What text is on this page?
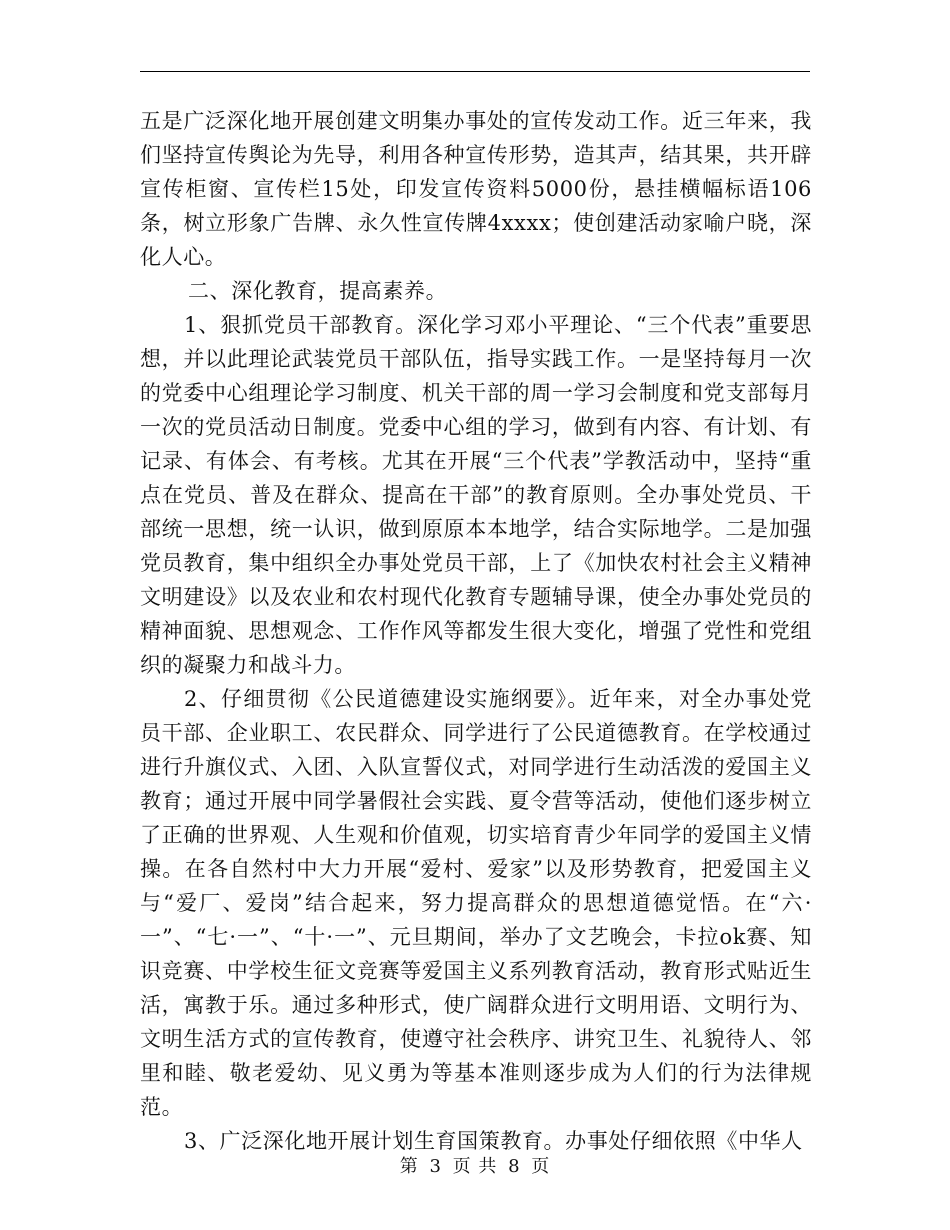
五是广泛深化地开展创建文明集办事处的宣传发动工作。近三年来，我们坚持宣传舆论为先导，利用各种宣传形势，造其声，结其果，共开辟宣传柜窗、宣传栏15处，印发宣传资料5000份，悬挂横幅标语106条，树立形象广告牌、永久性宣传牌4xxxx；使创建活动家喻户晓，深化人心。

二、深化教育，提高素养。

1、狠抓党员干部教育。深化学习邓小平理论、“三个代表”重要思想，并以此理论武装党员干部队伍，指导实践工作。一是坚持每月一次的党委中心组理论学习制度、机关干部的周一学习会制度和党支部每月一次的党员活动日制度。党委中心组的学习，做到有内容、有计划、有记录、有体会、有考核。尤其在开展“三个代表”学教活动中，坚持“重点在党员、普及在群众、提高在干部”的教育原则。全办事处党员、干部统一思想，统一认识，做到原原本本地学，结合实际地学。二是加强党员教育，集中组织全办事处党员干部，上了《加快农村社会主义精神文明建设》以及农业和农村现代化教育专题辅导课，使全办事处党员的精神面貌、思想观念、工作作风等都发生很大变化，增强了党性和党组织的凝聚力和战斗力。

2、仔细贯彻《公民道德建设实施纲要》。近年来，对全办事处党员干部、企业职工、农民群众、同学进行了公民道德教育。在学校通过进行升旗仪式、入团、入队宣誓仪式，对同学进行生动活泼的爱国主义教育；通过开展中同学暑假社会实践、夏令营等活动，使他们逐步树立了正确的世界观、人生观和价值观，切实培育青少年同学的爱国主义情操。在各自然村中大力开展“爱村、爱家”以及形势教育，把爱国主义与“爱厂、爱岗”结合起来，努力提高群众的思想道德觉悟。在“六·一”、“七·一”、“十·一”、元旦期间，举办了文艺晚会，卡拉ok赛、知识竞赛、中学校生征文竞赛等爱国主义系列教育活动，教育形式贴近生活，寓教于乐。通过多种形式，使广阔群众进行文明用语、文明行为、文明生活方式的宣传教育，使遵守社会秩序、讲究卫生、礼貌待人、邻里和睦、敬老爱幼、见义勇为等基本准则逐步成为人们的行为法律规范。

3、广泛深化地开展计划生育国策教育。办事处仔细依照《中华人

第 3 页 共 8 页
